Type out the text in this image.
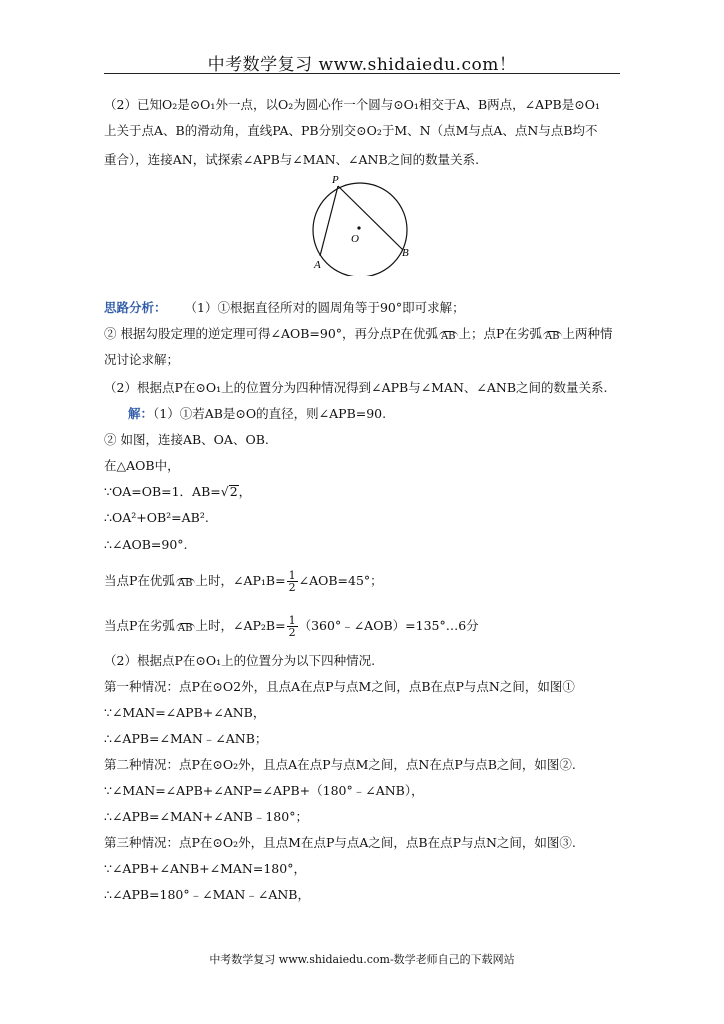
中考数学复习 www.shidaiedu.com！
（2）已知O₂是⊙O₁外一点，以O₂为圆心作一个圆与⊙O₁相交于A、B两点，∠APB是⊙O₁
上关于点A、B的滑动角，直线PA、PB分别交⊙O₂于M、N（点M与点A、点N与点B均不
重合），连接AN，试探索∠APB与∠MAN、∠ANB之间的数量关系.
P
O
A
B
思路分析： （1）①根据直径所对的圆周角等于90°即可求解；
② 根据勾股定理的逆定理可得∠AOB=90°，再分点P在优弧 AB 上；点P在劣弧 AB 上两种情
况讨论求解；
（2）根据点P在⊙O₁上的位置分为四种情况得到∠APB与∠MAN、∠ANB之间的数量关系.
解：（1）①若AB是⊙O的直径，则∠APB=90.
② 如图，连接AB、OA、OB.
在△AOB中，
∵OA=OB=1．AB=√2，
∴OA²+OB²=AB².
∴∠AOB=90°.
当点P在优弧 AB 上时，∠AP₁B= $\frac{1}{2}$ ∠AOB=45°；
当点P在劣弧 AB 上时，∠AP₂B= $\frac{1}{2}$ （360°﹣∠AOB）=135°…6分
（2）根据点P在⊙O₁上的位置分为以下四种情况.
第一种情况：点P在⊙O2外，且点A在点P与点M之间，点B在点P与点N之间，如图①
∵∠MAN=∠APB+∠ANB，
∴∠APB=∠MAN﹣∠ANB；
第二种情况：点P在⊙O₂外，且点A在点P与点M之间，点N在点P与点B之间，如图②.
∵∠MAN=∠APB+∠ANP=∠APB+（180°﹣∠ANB），
∴∠APB=∠MAN+∠ANB﹣180°；
第三种情况：点P在⊙O₂外，且点M在点P与点A之间，点B在点P与点N之间，如图③.
∵∠APB+∠ANB+∠MAN=180°，
∴∠APB=180°﹣∠MAN﹣∠ANB，
中考数学复习 www.shidaiedu.com-数学老师自己的下载网站
